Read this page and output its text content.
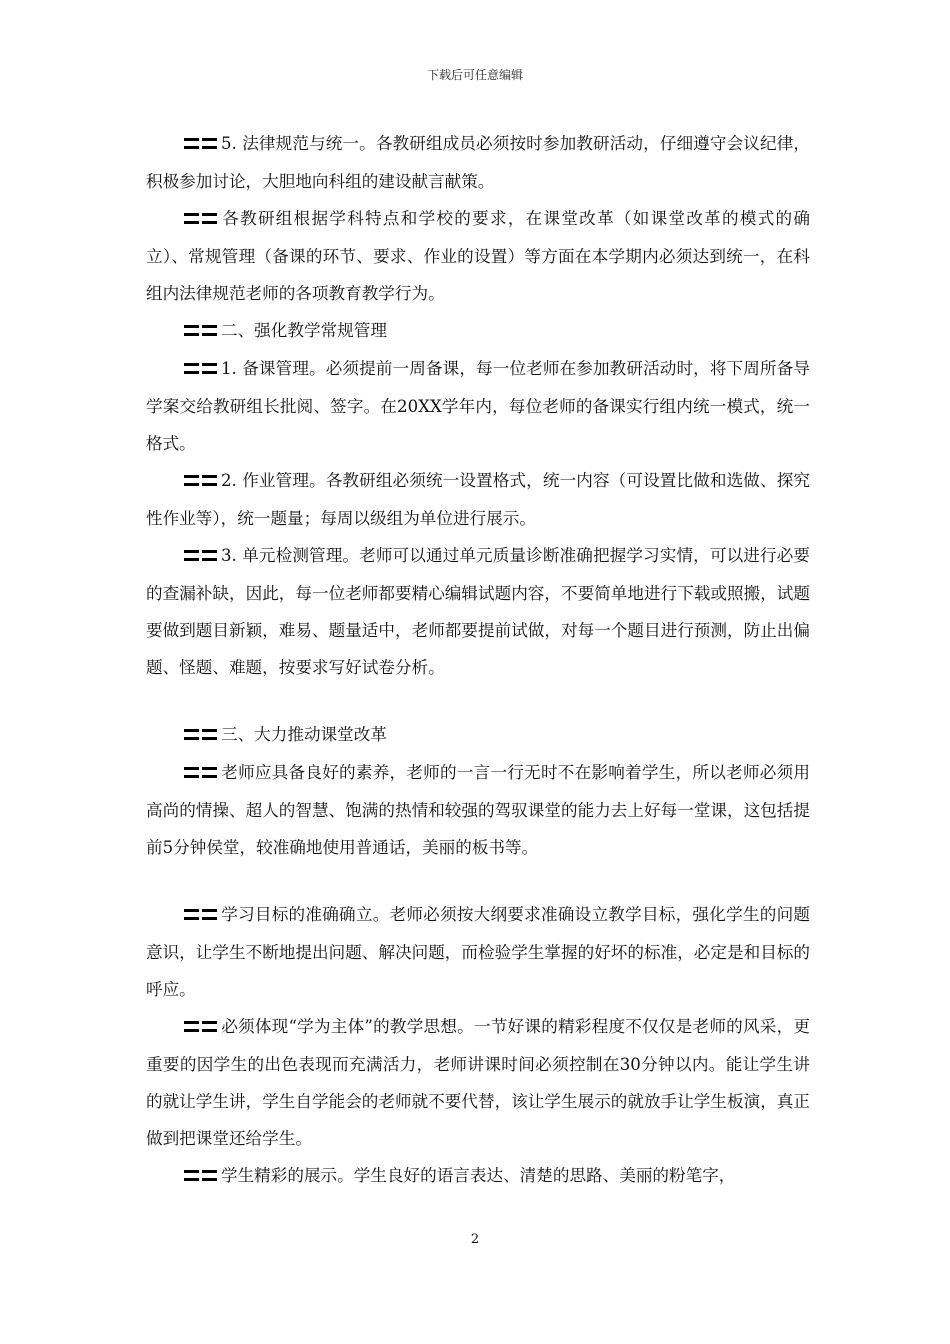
下载后可任意编辑

5. 法律规范与统一。各教研组成员必须按时参加教研活动，仔细遵守会议纪律，积极参加讨论，大胆地向科组的建设献言献策。

各教研组根据学科特点和学校的要求，在课堂改革（如课堂改革的模式的确立）、常规管理（备课的环节、要求、作业的设置）等方面在本学期内必须达到统一，在科组内法律规范老师的各项教育教学行为。

二、强化教学常规管理

1. 备课管理。必须提前一周备课，每一位老师在参加教研活动时，将下周所备导学案交给教研组长批阅、签字。在20XX学年内，每位老师的备课实行组内统一模式，统一格式。

2. 作业管理。各教研组必须统一设置格式，统一内容（可设置比做和选做、探究性作业等），统一题量；每周以级组为单位进行展示。

3. 单元检测管理。老师可以通过单元质量诊断准确把握学习实情，可以进行必要的查漏补缺，因此，每一位老师都要精心编辑试题内容，不要简单地进行下载或照搬，试题要做到题目新颖，难易、题量适中，老师都要提前试做，对每一个题目进行预测，防止出偏题、怪题、难题，按要求写好试卷分析。

三、大力推动课堂改革

老师应具备良好的素养，老师的一言一行无时不在影响着学生，所以老师必须用高尚的情操、超人的智慧、饱满的热情和较强的驾驭课堂的能力去上好每一堂课，这包括提前5分钟侯堂，较准确地使用普通话，美丽的板书等。

学习目标的准确确立。老师必须按大纲要求准确设立教学目标，强化学生的问题意识，让学生不断地提出问题、解决问题，而检验学生掌握的好坏的标准，必定是和目标的呼应。

必须体现“学为主体”的教学思想。一节好课的精彩程度不仅仅是老师的风采，更重要的因学生的出色表现而充满活力，老师讲课时间必须控制在30分钟以内。能让学生讲的就让学生讲，学生自学能会的老师就不要代替，该让学生展示的就放手让学生板演，真正做到把课堂还给学生。

学生精彩的展示。学生良好的语言表达、清楚的思路、美丽的粉笔字，

2
